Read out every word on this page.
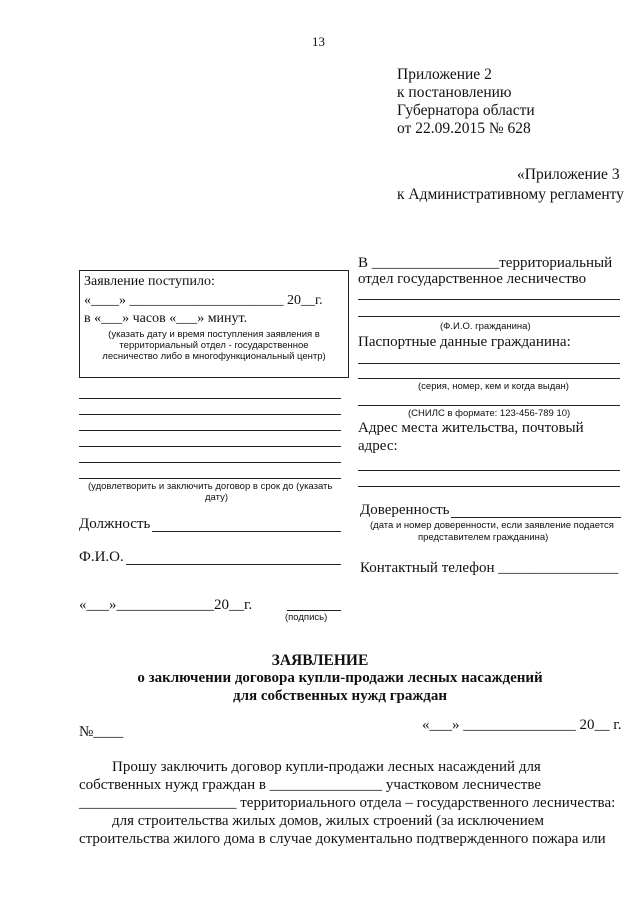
13
Приложение 2
к постановлению
Губернатора области
от 22.09.2015 № 628
«Приложение 3
к Административному регламенту
Заявление поступило:
«____» ______________________ 20__г.
в «___» часов «___» минут.
(указать дату и время поступления заявления в территориальный отдел - государственное лесничество либо в многофункциональный центр)
В _________________территориальный
отдел государственное лесничество
(Ф.И.О. гражданина)
Паспортные данные гражданина:
(серия, номер, кем и когда выдан)
(СНИЛС в формате: 123-456-789 10)
Адрес места жительства, почтовый
адрес:
Доверенность
(дата и номер доверенности, если заявление подается
представителем гражданина)
Контактный телефон ________________
(удовлетворить и заключить договор в срок до (указать
дату)
Должность
Ф.И.О.
«___»_____________20__г.
(подпись)
ЗАЯВЛЕНИЕ
о заключении договора купли-продажи лесных насаждений
для собственных нужд граждан
№____	«___» _______________ 20__ г.
Прошу заключить договор купли-продажи лесных насаждений для
собственных нужд граждан в _______________ участковом лесничестве
_____________________ территориального отдела – государственного лесничества:
для строительства жилых домов, жилых строений (за исключением
строительства жилого дома в случае документально подтвержденного пожара или
